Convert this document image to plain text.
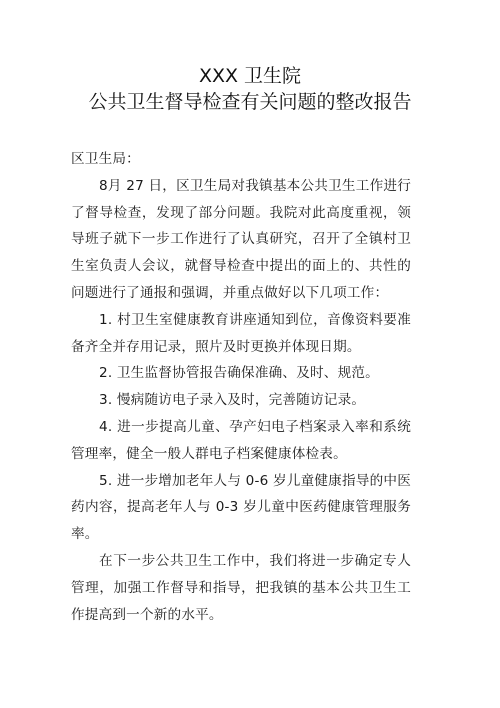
XXX 卫生院
公共卫生督导检查有关问题的整改报告

区卫生局：

8月 27 日，区卫生局对我镇基本公共卫生工作进行了督导检查，发现了部分问题。我院对此高度重视，领导班子就下一步工作进行了认真研究，召开了全镇村卫生室负责人会议，就督导检查中提出的面上的、共性的问题进行了通报和强调，并重点做好以下几项工作：

1. 村卫生室健康教育讲座通知到位，音像资料要准备齐全并存用记录，照片及时更换并体现日期。

2. 卫生监督协管报告确保准确、及时、规范。

3. 慢病随访电子录入及时，完善随访记录。

4. 进一步提高儿童、孕产妇电子档案录入率和系统管理率，健全一般人群电子档案健康体检表。

5. 进一步增加老年人与 0-6 岁儿童健康指导的中医药内容，提高老年人与 0-3 岁儿童中医药健康管理服务率。

在下一步公共卫生工作中，我们将进一步确定专人管理，加强工作督导和指导，把我镇的基本公共卫生工作提高到一个新的水平。
